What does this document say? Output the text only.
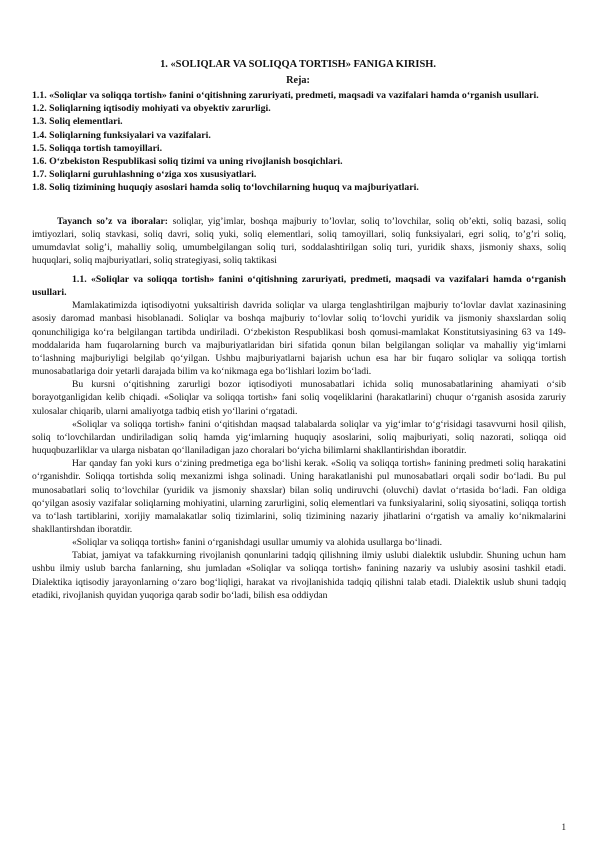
1. «SOLIQLAR VA SOLIQQA TORTISH» FANIGA KIRISH.
Reja:
1.1. «Soliqlar va soliqqa tortish» fanini o‘qitishning zaruriyati, predmeti, maqsadi va vazifalari hamda o‘rganish usullari.
1.2. Soliqlarning iqtisodiy mohiyati va obyektiv zarurligi.
1.3. Soliq elementlari.
1.4. Soliqlarning funksiyalari va vazifalari.
1.5. Soliqqa tortish tamoyillari.
1.6. O‘zbekiston Respublikasi soliq tizimi va uning rivojlanish bosqichlari.
1.7. Soliqlarni guruhlashning o‘ziga xos xususiyatlari.
1.8. Soliq tizimining huquqiy asoslari hamda soliq to‘lovchilarning huquq va majburiyatlari.

Tayanch so’z va iboralar: soliqlar, yig’imlar, boshqa majburiy to’lovlar, soliq to’lovchilar, soliq ob’ekti, soliq bazasi, soliq imtiyozlari, soliq stavkasi, soliq davri, soliq yuki, soliq elementlari, soliq tamoyillari, soliq funksiyalari, egri soliq, to’g’ri soliq, umumdavlat solig’i, mahalliy soliq, umumbelgilangan soliq turi, soddalashtirilgan soliq turi, yuridik shaxs, jismoniy shaxs, soliq huquqlari, soliq majburiyatlari, soliq strategiyasi, soliq taktikasi

1.1. «Soliqlar va soliqqa tortish» fanini o‘qitishning zaruriyati, predmeti, maqsadi va vazifalari hamda o‘rganish usullari.

Mamlakatimizda iqtisodiyotni yuksaltirish davrida soliqlar va ularga tenglashtirilgan majburiy to‘lovlar davlat xazinasining asosiy daromad manbasi hisoblanadi. Soliqlar va boshqa majburiy to‘lovlar soliq to‘lovchi yuridik va jismoniy shaxslardan soliq qonunchiligiga ko‘ra belgilangan tartibda undiriladi. O‘zbekiston Respublikasi bosh qomusi-mamlakat Konstitutsiyasining 63 va 149-moddalarida ham fuqarolarning burch va majburiyatlaridan biri sifatida qonun bilan belgilangan soliqlar va mahalliy yig‘imlarni to‘lashning majburiyligi belgilab qo‘yilgan. Ushbu majburiyatlarni bajarish uchun esa har bir fuqaro soliqlar va soliqqa tortish munosabatlariga doir yetarli darajada bilim va ko‘nikmaga ega bo‘lishlari lozim bo‘ladi.

Bu kursni o‘qitishning zarurligi bozor iqtisodiyoti munosabatlari ichida soliq munosabatlarining ahamiyati o‘sib borayotganligidan kelib chiqadi. «Soliqlar va soliqqa tortish» fani soliq voqeliklarini (harakatlarini) chuqur o‘rganish asosida zaruriy xulosalar chiqarib, ularni amaliyotga tadbiq etish yo‘llarini o‘rgatadi.

«Soliqlar va soliqqa tortish» fanini o‘qitishdan maqsad talabalarda soliqlar va yig‘imlar to‘g‘risidagi tasavvurni hosil qilish, soliq to‘lovchilardan undiriladigan soliq hamda yig‘imlarning huquqiy asoslarini, soliq majburiyati, soliq nazorati, soliqqa oid huquqbuzarliklar va ularga nisbatan qo‘llaniladigan jazo choralari bo‘yicha bilimlarni shakllantirishdan iboratdir.

Har qanday fan yoki kurs o‘zining predmetiga ega bo‘lishi kerak. «Soliq va soliqqa tortish» fanining predmeti soliq harakatini o‘rganishdir. Soliqqa tortishda soliq mexanizmi ishga solinadi. Uning harakatlanishi pul munosabatlari orqali sodir bo‘ladi. Bu pul munosabatlari soliq to‘lovchilar (yuridik va jismoniy shaxslar) bilan soliq undiruvchi (oluvchi) davlat o‘rtasida bo‘ladi. Fan oldiga qo‘yilgan asosiy vazifalar soliqlarning mohiyatini, ularning zarurligini, soliq elementlari va funksiyalarini, soliq siyosatini, soliqqa tortish va to‘lash tartiblarini, xorijiy mamalakatlar soliq tizimlarini, soliq tizimining nazariy jihatlarini o‘rgatish va amaliy ko‘nikmalarini shakllantirshdan iboratdir.

«Soliqlar va soliqqa tortish» fanini o‘rganishdagi usullar umumiy va alohida usullarga bo‘linadi.

Tabiat, jamiyat va tafakkurning rivojlanish qonunlarini tadqiq qilishning ilmiy uslubi dialektik uslubdir. Shuning uchun ham ushbu ilmiy uslub barcha fanlarning, shu jumladan «Soliqlar va soliqqa tortish» fanining nazariy va uslubiy asosini tashkil etadi. Dialektika iqtisodiy jarayonlarning o‘zaro bog‘liqligi, harakat va rivojlanishida tadqiq qilishni talab etadi. Dialektik uslub shuni tadqiq etadiki, rivojlanish quyidan yuqoriga qarab sodir bo‘ladi, bilish esa oddiydan

1
